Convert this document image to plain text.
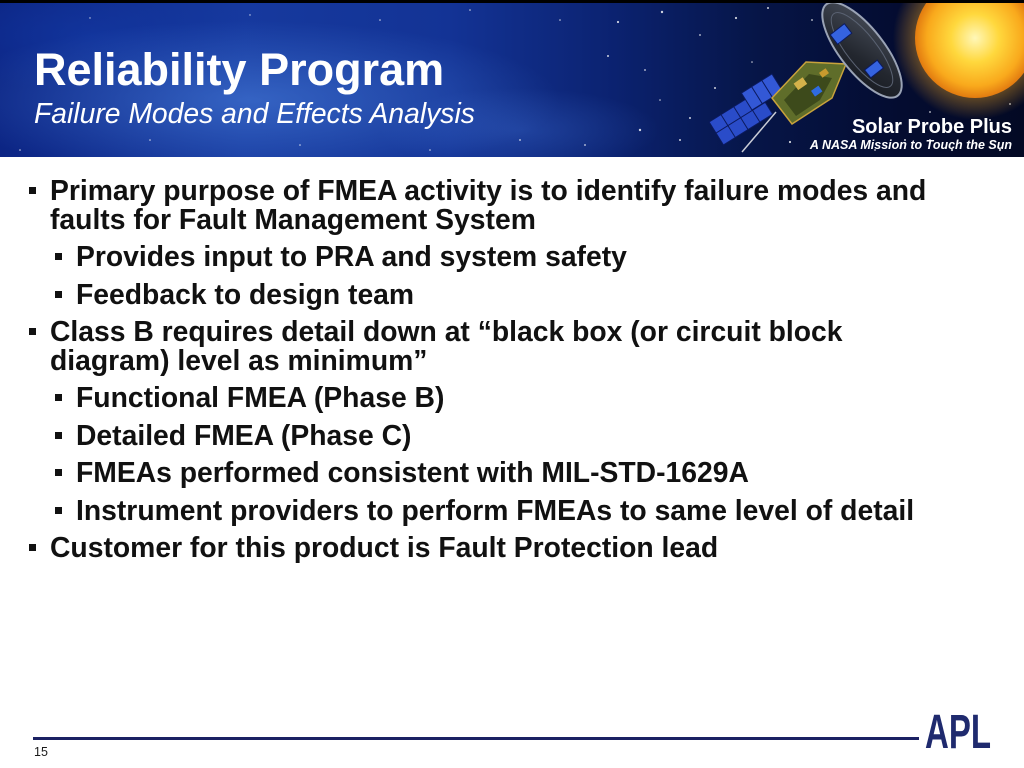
Reliability Program
Failure Modes and Effects Analysis	Solar Probe Plus
A NASA Mission to Touch the Sun
Primary purpose of FMEA activity is to identify failure modes and faults for Fault Management System
Provides input to PRA and system safety
Feedback to design team
Class B requires detail down at “black box (or circuit block diagram) level as minimum”
Functional FMEA (Phase B)
Detailed FMEA (Phase C)
FMEAs performed consistent with MIL-STD-1629A
Instrument providers to perform FMEAs to same level of detail
Customer for this product is Fault Protection lead
15	APL
